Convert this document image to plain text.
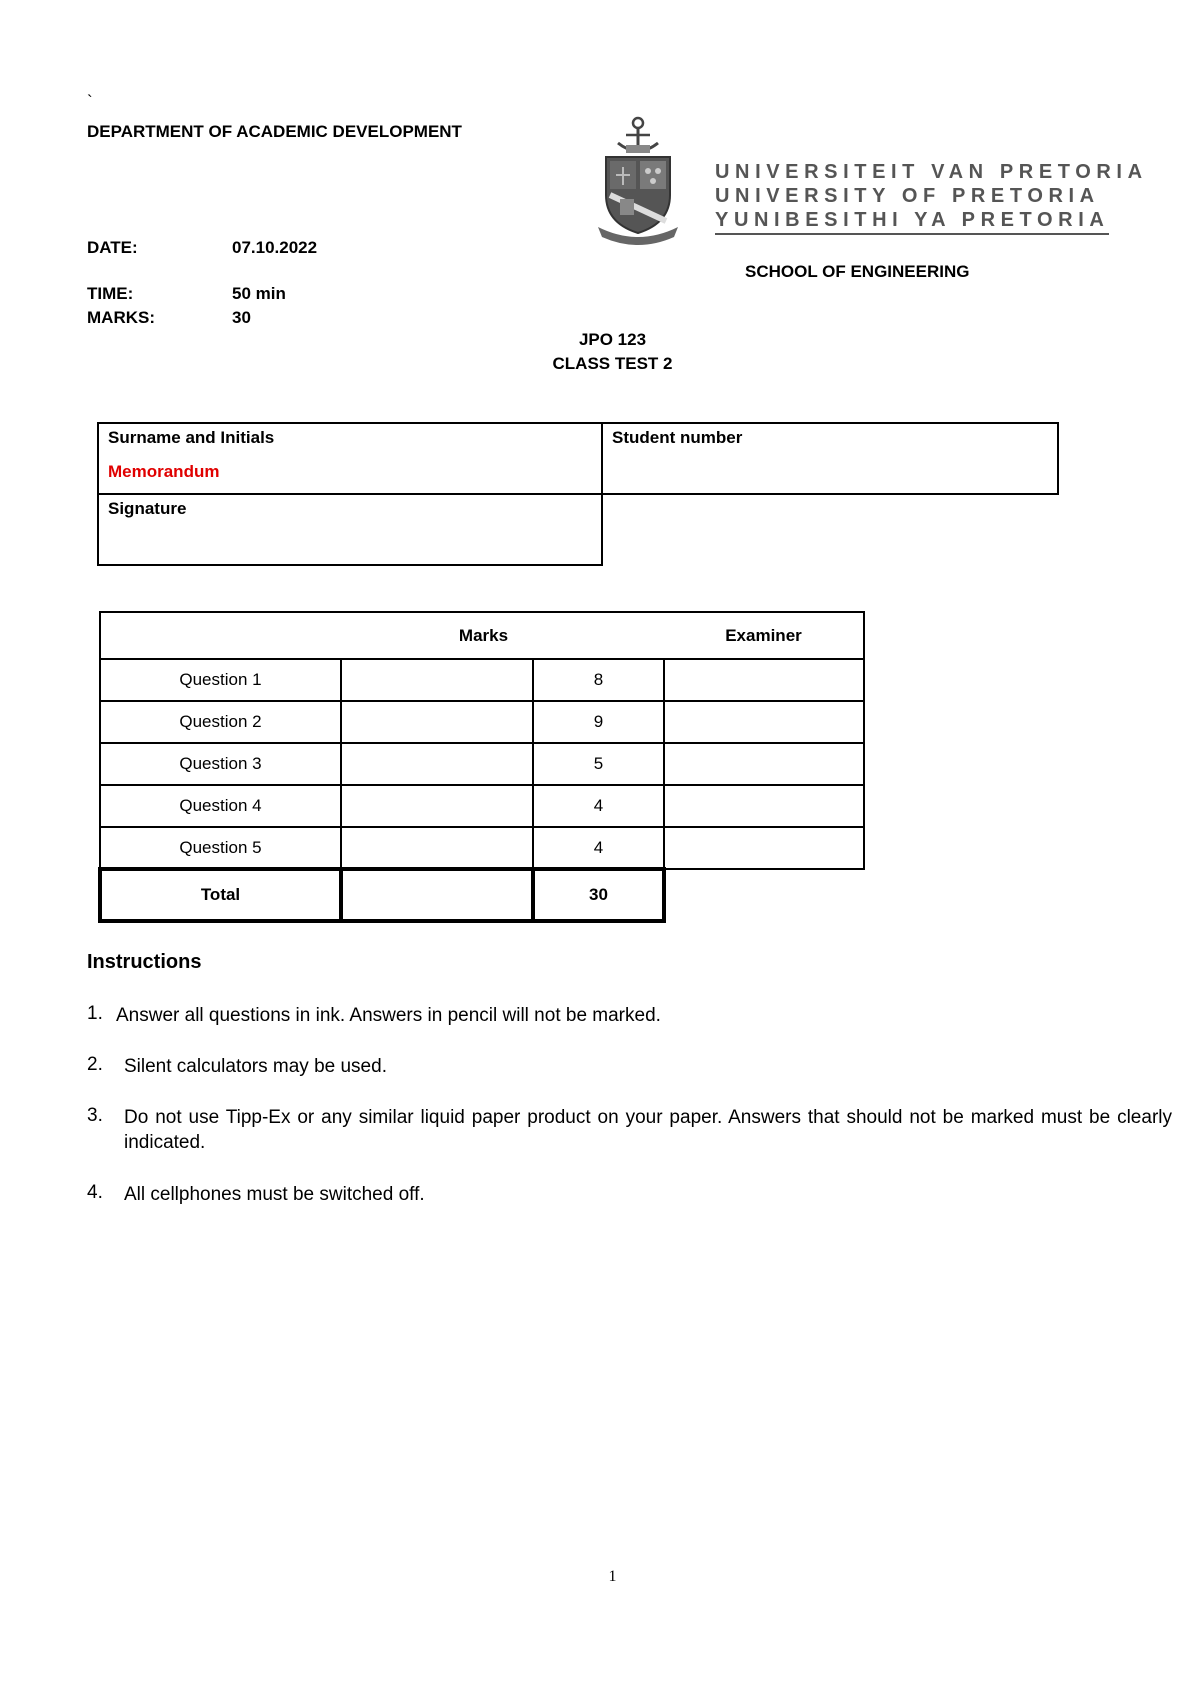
`
DEPARTMENT OF ACADEMIC DEVELOPMENT
DATE:	07.10.2022
TIME:	50 min
MARKS:	30
UNIVERSITEIT VAN PRETORIA
UNIVERSITY OF PRETORIA
YUNIBESITHI YA PRETORIA
SCHOOL OF ENGINEERING
JPO 123
CLASS TEST 2
Surname and Initials
Memorandum
Student number
Signature
Marks			Examiner
Question 1		8	
Question 2		9	
Question 3		5	
Question 4		4	
Question 5		4	
Total		30	
Instructions
1. Answer all questions in ink. Answers in pencil will not be marked.
2. Silent calculators may be used.
3. Do not use Tipp-Ex or any similar liquid paper product on your paper. Answers that should not be marked must be clearly indicated.
4. All cellphones must be switched off.
1
